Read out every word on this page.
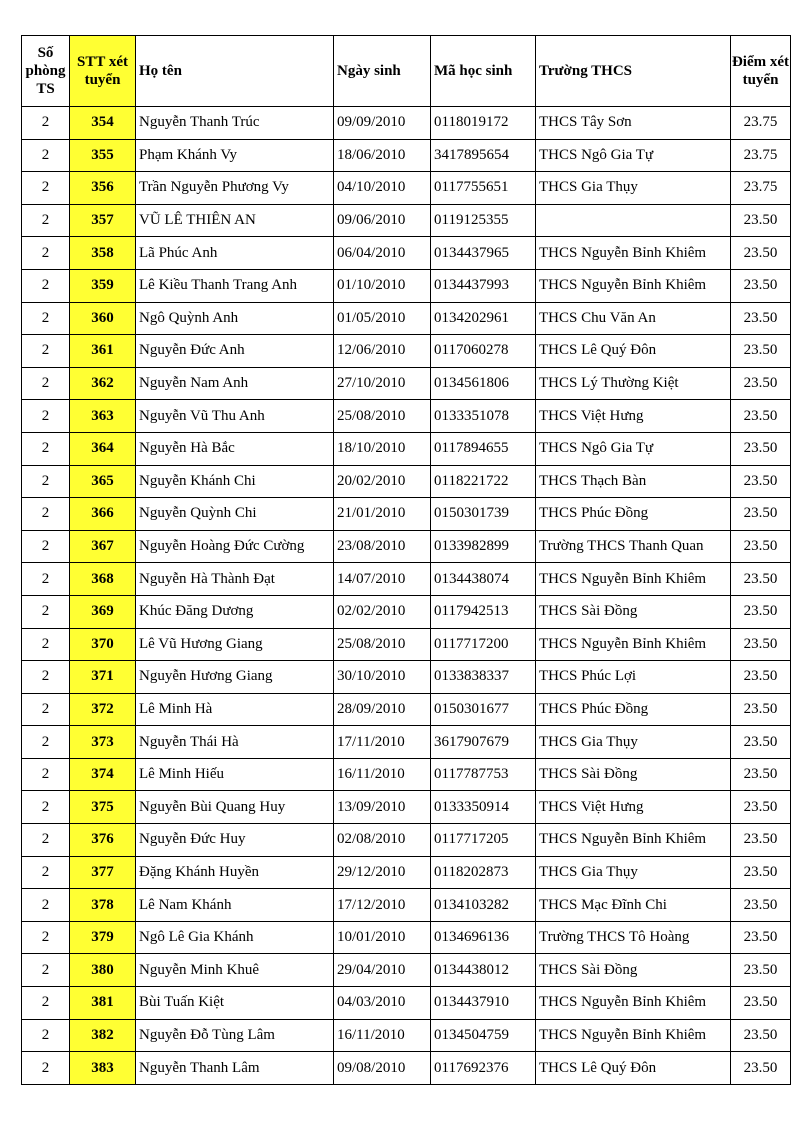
Số phòng TS	STT xét tuyển	Họ tên	Ngày sinh	Mã học sinh	Trường THCS	Điểm xét tuyển
2	354	Nguyễn Thanh Trúc	09/09/2010	0118019172	THCS Tây Sơn	23.75
2	355	Phạm Khánh Vy	18/06/2010	3417895654	THCS Ngô Gia Tự	23.75
2	356	Trần Nguyễn Phương Vy	04/10/2010	0117755651	THCS Gia Thụy	23.75
2	357	VŨ LÊ THIÊN AN	09/06/2010	0119125355		23.50
2	358	Lã Phúc Anh	06/04/2010	0134437965	THCS Nguyễn Bỉnh Khiêm	23.50
2	359	Lê Kiều Thanh Trang Anh	01/10/2010	0134437993	THCS Nguyễn Bỉnh Khiêm	23.50
2	360	Ngô Quỳnh Anh	01/05/2010	0134202961	THCS Chu Văn An	23.50
2	361	Nguyễn Đức Anh	12/06/2010	0117060278	THCS Lê Quý Đôn	23.50
2	362	Nguyễn Nam Anh	27/10/2010	0134561806	THCS Lý Thường Kiệt	23.50
2	363	Nguyễn Vũ Thu Anh	25/08/2010	0133351078	THCS Việt Hưng	23.50
2	364	Nguyễn Hà Bắc	18/10/2010	0117894655	THCS Ngô Gia Tự	23.50
2	365	Nguyễn Khánh Chi	20/02/2010	0118221722	THCS Thạch Bàn	23.50
2	366	Nguyễn Quỳnh Chi	21/01/2010	0150301739	THCS Phúc Đồng	23.50
2	367	Nguyễn Hoàng Đức Cường	23/08/2010	0133982899	Trường THCS Thanh Quan	23.50
2	368	Nguyễn Hà Thành Đạt	14/07/2010	0134438074	THCS Nguyễn Bỉnh Khiêm	23.50
2	369	Khúc Đăng Dương	02/02/2010	0117942513	THCS Sài Đồng	23.50
2	370	Lê Vũ Hương Giang	25/08/2010	0117717200	THCS Nguyễn Bỉnh Khiêm	23.50
2	371	Nguyễn Hương Giang	30/10/2010	0133838337	THCS Phúc Lợi	23.50
2	372	Lê Minh Hà	28/09/2010	0150301677	THCS Phúc Đồng	23.50
2	373	Nguyễn Thái Hà	17/11/2010	3617907679	THCS Gia Thụy	23.50
2	374	Lê Minh Hiếu	16/11/2010	0117787753	THCS Sài Đồng	23.50
2	375	Nguyễn Bùi Quang Huy	13/09/2010	0133350914	THCS Việt Hưng	23.50
2	376	Nguyễn Đức Huy	02/08/2010	0117717205	THCS Nguyễn Bỉnh Khiêm	23.50
2	377	Đặng Khánh Huyền	29/12/2010	0118202873	THCS Gia Thụy	23.50
2	378	Lê Nam Khánh	17/12/2010	0134103282	THCS Mạc Đĩnh Chi	23.50
2	379	Ngô Lê Gia Khánh	10/01/2010	0134696136	Trường THCS Tô Hoàng	23.50
2	380	Nguyễn Minh Khuê	29/04/2010	0134438012	THCS Sài Đồng	23.50
2	381	Bùi Tuấn Kiệt	04/03/2010	0134437910	THCS Nguyễn Bỉnh Khiêm	23.50
2	382	Nguyễn Đỗ Tùng Lâm	16/11/2010	0134504759	THCS Nguyễn Bỉnh Khiêm	23.50
2	383	Nguyễn Thanh Lâm	09/08/2010	0117692376	THCS Lê Quý Đôn	23.50
